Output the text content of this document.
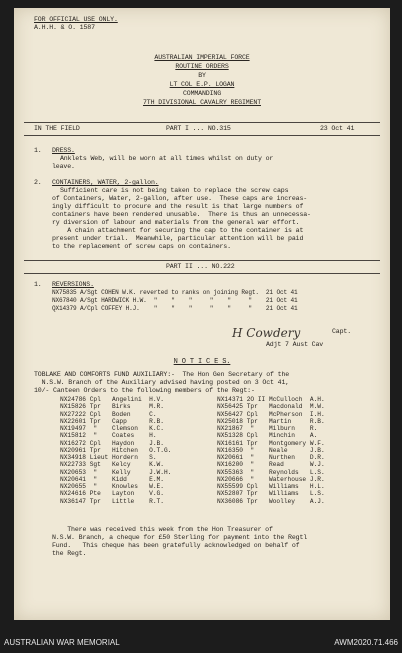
FOR OFFICIAL USE ONLY.
A.H.H. & O. 1587
AUSTRALIAN IMPERIAL FORCE
ROUTINE ORDERS
BY
LT COL E.P. LOGAN
COMMANDING
7TH DIVISIONAL CAVALRY REGIMENT
IN THE FIELD	PART I ... NO.315	23 Oct 41
1. DRESS.
Anklets Web, will be worn at all times whilst on duty or
leave.
2. CONTAINERS, WATER, 2-gallon.
Sufficient care is not being taken to replace the screw caps
of Containers, Water, 2-gallon, after use.  These caps are increas-
ingly difficult to procure and the result is that large numbers of
containers have been rendered unusable.  There is thus an unnecessa-
ry diversion of labour and materials from the general war effort.
A chain attachment for securing the cap to the container is at
present under trial.  Meanwhile, particular attention will be paid
to the replacement of screw caps on containers.
PART II ... NO.222
1. REVERSIONS.
NX75835 A/Sgt COHEN W.K. reverted to ranks on joining Regt.  21 Oct 41
NX67840 A/Sgt HARDWICK H.W.  "    "    "     "    "     "    21 Oct 41
QX14379 A/Cpl COFFEY H.J.    "    "    "     "    "     "    21 Oct 41
H Cowdery	Capt.
Adjt 7 Aust Cav
N O T I C E S.
TOBLAKE AND COMFORTS FUND AUXILIARY:-  The Hon Gen Secretary of the
N.S.W. Branch of the Auxiliary advised having posted on 3 Oct 41,
10/- Canteen Orders to the following members of the Regt:-
NX24786 Cpl   Angelini  H.V.
NX15826 Tpr   Birks     M.R.
NX27222 Cpl   Boden     C.
NX22601 Tpr   Capp      R.B.
NX19497  "    Clemson   K.C.
NX15812  "    Coates    H.
NX16272 Cpl   Haydon    J.B.
NX20961 Tpr   Hitchen   O.T.G.
NX34918 Lieut Hordern   S.
NX22733 Sgt   Kelcy     K.W.
NX20653  "    Kelly     J.W.H.
NX20641  "    Kidd      E.M.
NX20655  "    Knowles   W.E.
NX24616 Pte   Layton    V.G.
NX36147 Tpr   Little    R.T.
NX14371 2O II McCulloch  A.H.
NX56425 Tpr   Macdonald  M.W.
NX56427 Cpl   McPherson  I.H.
NX25018 Tpr   Martin     R.B.
NX21867  "    Milburn    R.
NX51328 Cpl   Minchin    A.
NX16161 Tpr   Montgomery W.F.
NX16350  "    Neale      J.B.
NX20661  "    Nurthen    D.R.
NX16200  "    Read       W.J.
NX55363  "    Reynolds   L.S.
NX20666  "    Waterhouse J.R.
NX55599 Cpl   Williams   H.L.
NX52807 Tpr   Williams   L.S.
NX36086 Tpr   Woolley    A.J.
There was received this week from the Hon Treasurer of
N.S.W. Branch, a cheque for £50 Sterling for payment into the Regtl
Fund.   This cheque has been gratefully acknowledged on behalf of
the Regt.
AUSTRALIAN WAR MEMORIAL	AWM2020.71.466
